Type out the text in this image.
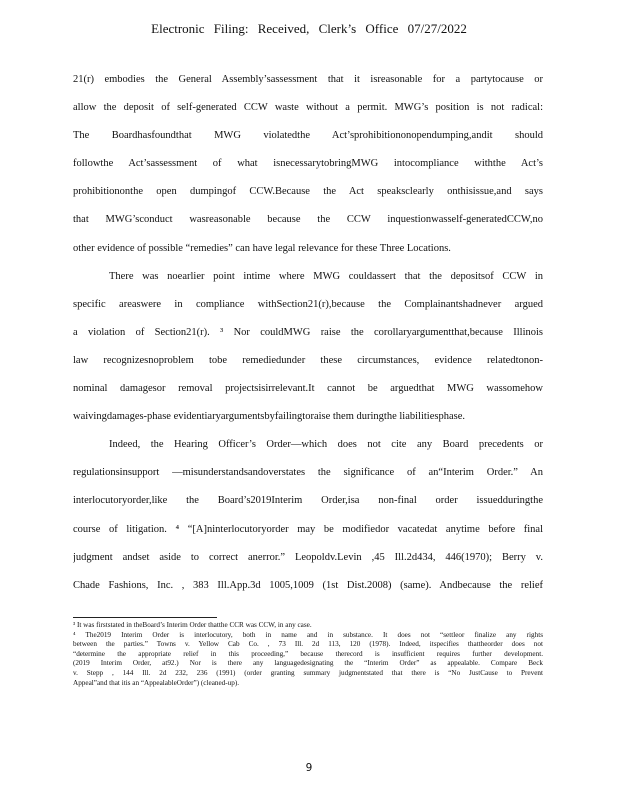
Electronic Filing: Received, Clerk’s Office 07/27/2022
21(r) embodies the General Assembly’sassessment that it isreasonable for a partytocause or
allow the deposit of self-generated CCW waste without a permit. MWG’s position is not radical:
The Boardhasfoundthat MWG violatedthe Act’sprohibitiononopendumping,andit should
followthe Act’sassessment of what isnecessarytobringMWG intocompliance withthe Act’s
prohibitiononthe open dumpingof CCW.Because the Act speaksclearly onthisissue,and says
that MWG’sconduct wasreasonable because the CCW inquestionwasself-generatedCCW,no
other evidence of possible “remedies” can have legal relevance for these Three Locations.
There was noearlier point intime where MWG couldassert that the depositsof CCW in
specific areaswere in compliance withSection21(r),because the Complainantshadnever argued
a violation of Section21(r). ³ Nor couldMWG raise the corollaryargumentthat,because Illinois
law recognizesnoproblem tobe remediedunder these circumstances, evidence relatedtonon-
nominal damagesor removal projectsisirrelevant.It cannot be arguedthat MWG wassomehow
waivingdamages-phase evidentiaryargumentsbyfailingtoraise them duringthe liabilitiesphase.
Indeed, the Hearing Officer’s Order—which does not cite any Board precedents or
regulationsinsupport —misunderstandsandoverstates the significance of an“Interim Order.” An
interlocutoryorder,like the Board’s2019Interim Order,isa non-final order issuedduringthe
course of litigation. ⁴ “[A]ninterlocutoryorder may be modifiedor vacatedat anytime before final
judgment andset aside to correct anerror.” Leopoldv.Levin ,45 Ill.2d434, 446(1970); Berry v.
Chade Fashions, Inc. , 383 Ill.App.3d 1005,1009 (1st Dist.2008) (same). Andbecause the relief
³ It was firststated in theBoard’s Interim Order thatthe CCR was CCW, in any case.
⁴ The2019 Interim Order is interlocutory, both in name and in substance. It does not “settleor finalize any rights
between the parties.” Towns v. Yellow Cab Co. , 73 Ill. 2d 113, 120 (1978). Indeed, itspecifies thattheorder does not
“determine the appropriate relief in this proceeding,” because therecord is insufficient requires further development.
(2019 Interim Order, at92.) Nor is there any languagedesignating the “Interim Order” as appealable. Compare Beck
v. Stepp , 144 Ill. 2d 232, 236 (1991) (order granting summary judgmentstated that there is “No JustCause to Prevent
Appeal”and that itis an “AppealableOrder”) (cleaned-up).
9
